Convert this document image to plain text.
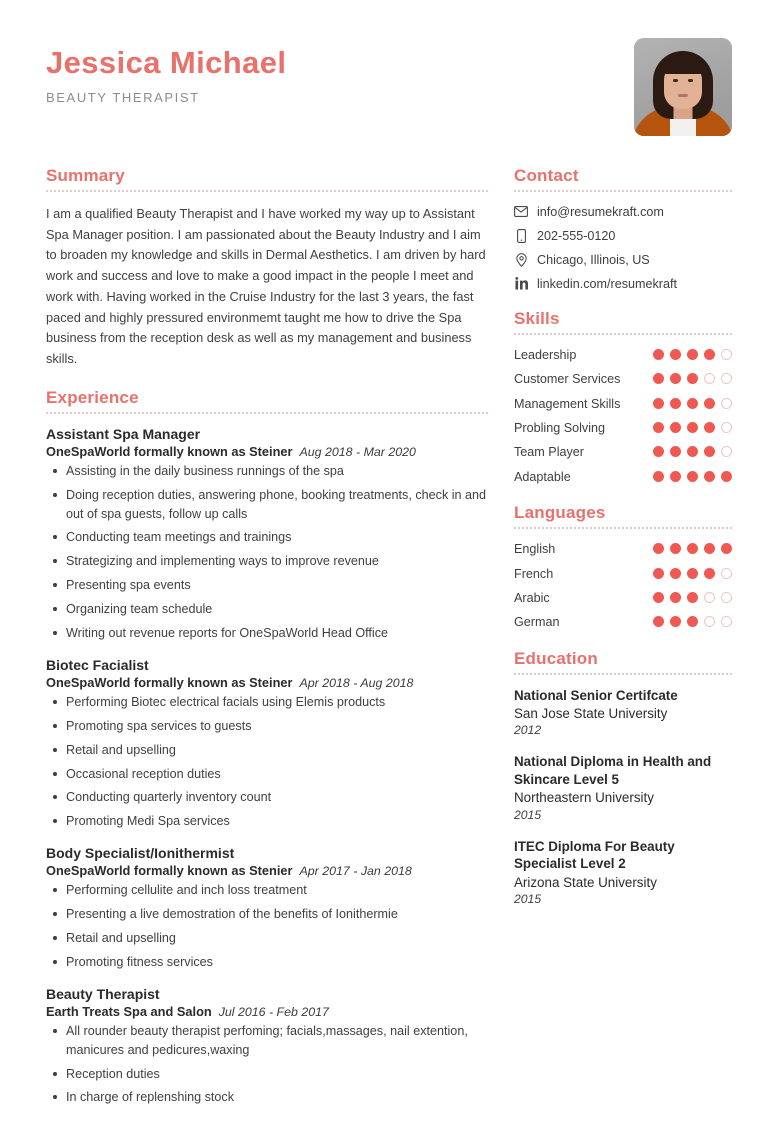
Jessica Michael
BEAUTY THERAPIST
Summary

I am a qualified Beauty Therapist and I have worked my way up to Assistant Spa Manager position. I am passionated about the Beauty Industry and I aim to broaden my knowledge and skills in Dermal Aesthetics. I am driven by hard work and success and love to make a good impact in the people I meet and work with. Having worked in the Cruise Industry for the last 3 years, the fast paced and highly pressured environmemt taught me how to drive the Spa business from the reception desk as well as my management and business skills.

Experience
Assistant Spa Manager
OneSpaWorld formally known as Steiner Aug 2018 - Mar 2020
Assisting in the daily business runnings of the spa
Doing reception duties, answering phone, booking treatments, check in and out of spa guests, follow up calls
Conducting team meetings and trainings
Strategizing and implementing ways to improve revenue
Presenting spa events
Organizing team schedule
Writing out revenue reports for OneSpaWorld Head Office
Biotec Facialist
OneSpaWorld formally known as Steiner Apr 2018 - Aug 2018
Performing Biotec electrical facials using Elemis products
Promoting spa services to guests
Retail and upselling
Occasional reception duties
Conducting quarterly inventory count
Promoting Medi Spa services
Body Specialist/Ionithermist
OneSpaWorld formally known as Stenier Apr 2017 - Jan 2018
Performing cellulite and inch loss treatment
Presenting a live demostration of the benefits of Ionithermie
Retail and upselling
Promoting fitness services
Beauty Therapist
Earth Treats Spa and Salon Jul 2016 - Feb 2017
All rounder beauty therapist perfoming; facials,massages, nail extention, manicures and pedicures,waxing
Reception duties
In charge of replenshing stock
Contact
info@resumekraft.com
202-555-0120
Chicago, Illinois, US
linkedin.com/resumekraft
Skills
Leadership
Customer Services
Management Skills
Probling Solving
Team Player
Adaptable
Languages
English
French
Arabic
German
Education
National Senior Certifcate
San Jose State University
2012
National Diploma in Health and Skincare Level 5
Northeastern University
2015
ITEC Diploma For Beauty Specialist Level 2
Arizona State University
2015
